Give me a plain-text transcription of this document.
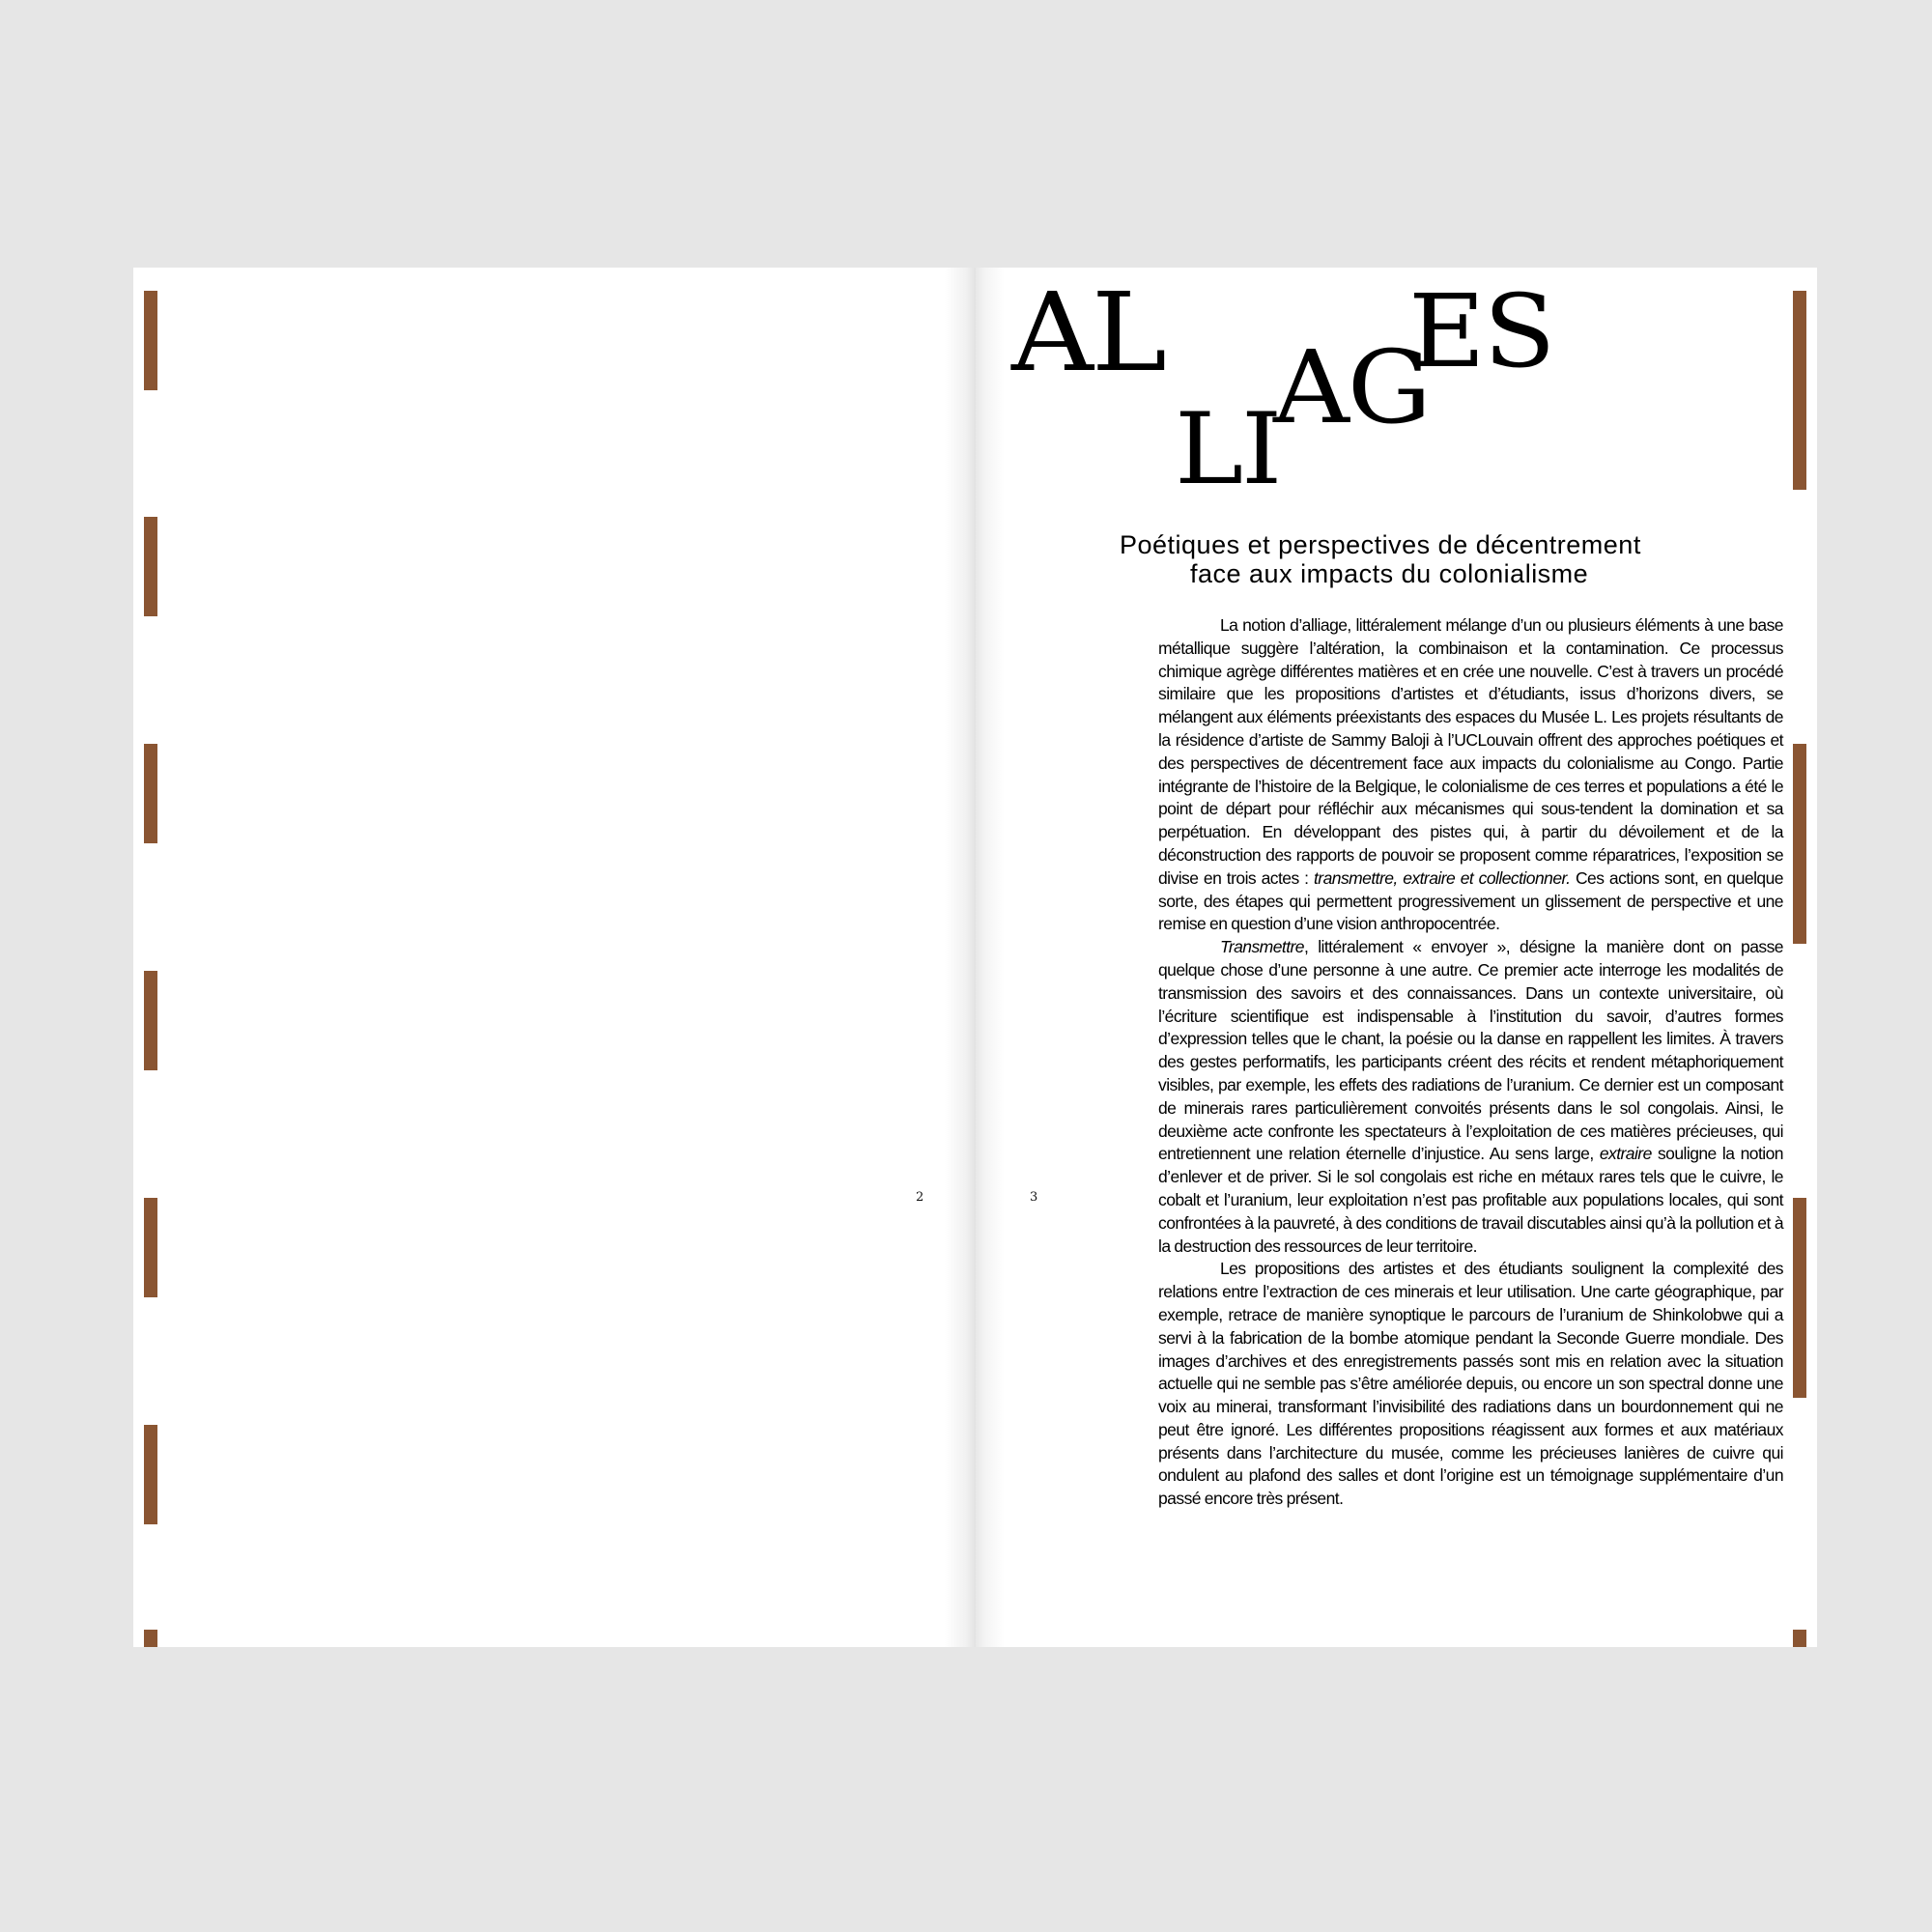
2	3
AL
LI
AG
ES
Poétiques et perspectives de décentrement
face aux impacts du colonialisme

La notion d’alliage, littéralement mélange d’un ou plusieurs éléments à une base métallique suggère l’altération, la combinaison et la contamination. Ce processus chimique agrège différentes matières et en crée une nouvelle. C’est à travers un procédé similaire que les propositions d’artistes et d’étudiants, issus d’horizons divers, se mélangent aux éléments préexistants des espaces du Musée L. Les projets résultants de la résidence d’artiste de Sammy Baloji à l’UCLouvain offrent des approches poétiques et des perspectives de décentrement face aux impacts du colonialisme au Congo. Partie intégrante de l’histoire de la Belgique, le colonialisme de ces terres et populations a été le point de départ pour réfléchir aux mécanismes qui sous-tendent la domination et sa perpétuation. En développant des pistes qui, à partir du dévoilement et de la déconstruction des rapports de pouvoir se proposent comme réparatrices, l’exposition se divise en trois actes : transmettre, extraire et collectionner. Ces actions sont, en quelque sorte, des étapes qui permettent progressivement un glissement de perspective et une remise en question d’une vision anthropocentrée.

Transmettre, littéralement « envoyer », désigne la manière dont on passe quelque chose d’une personne à une autre. Ce premier acte interroge les modalités de transmission des savoirs et des connaissances. Dans un contexte universitaire, où l’écriture scientifique est indispensable à l’institution du savoir, d’autres formes d’expression telles que le chant, la poésie ou la danse en rappellent les limites. À travers des gestes performatifs, les participants créent des récits et rendent métaphoriquement visibles, par exemple, les effets des radiations de l’uranium. Ce dernier est un composant de minerais rares particulièrement convoités présents dans le sol congolais. Ainsi, le deuxième acte confronte les spectateurs à l’exploitation de ces matières précieuses, qui entretiennent une relation éternelle d’injustice. Au sens large, extraire souligne la notion d’enlever et de priver. Si le sol congolais est riche en métaux rares tels que le cuivre, le cobalt et l’uranium, leur exploitation n’est pas profitable aux populations locales, qui sont confrontées à la pauvreté, à des conditions de travail discutables ainsi qu’à la pollution et à la destruction des ressources de leur territoire.

Les propositions des artistes et des étudiants soulignent la complexité des relations entre l’extraction de ces minerais et leur utilisation. Une carte géographique, par exemple, retrace de manière synoptique le parcours de l’uranium de Shinkolobwe qui a servi à la fabrication de la bombe atomique pendant la Seconde Guerre mondiale. Des images d’archives et des enregistrements passés sont mis en relation avec la situation actuelle qui ne semble pas s’être améliorée depuis, ou encore un son spectral donne une voix au minerai, transformant l’invisibilité des radiations dans un bourdonnement qui ne peut être ignoré. Les différentes propositions réagissent aux formes et aux matériaux présents dans l’architecture du musée, comme les précieuses lanières de cuivre qui ondulent au plafond des salles et dont l’origine est un témoignage supplémentaire d’un passé encore très présent.
